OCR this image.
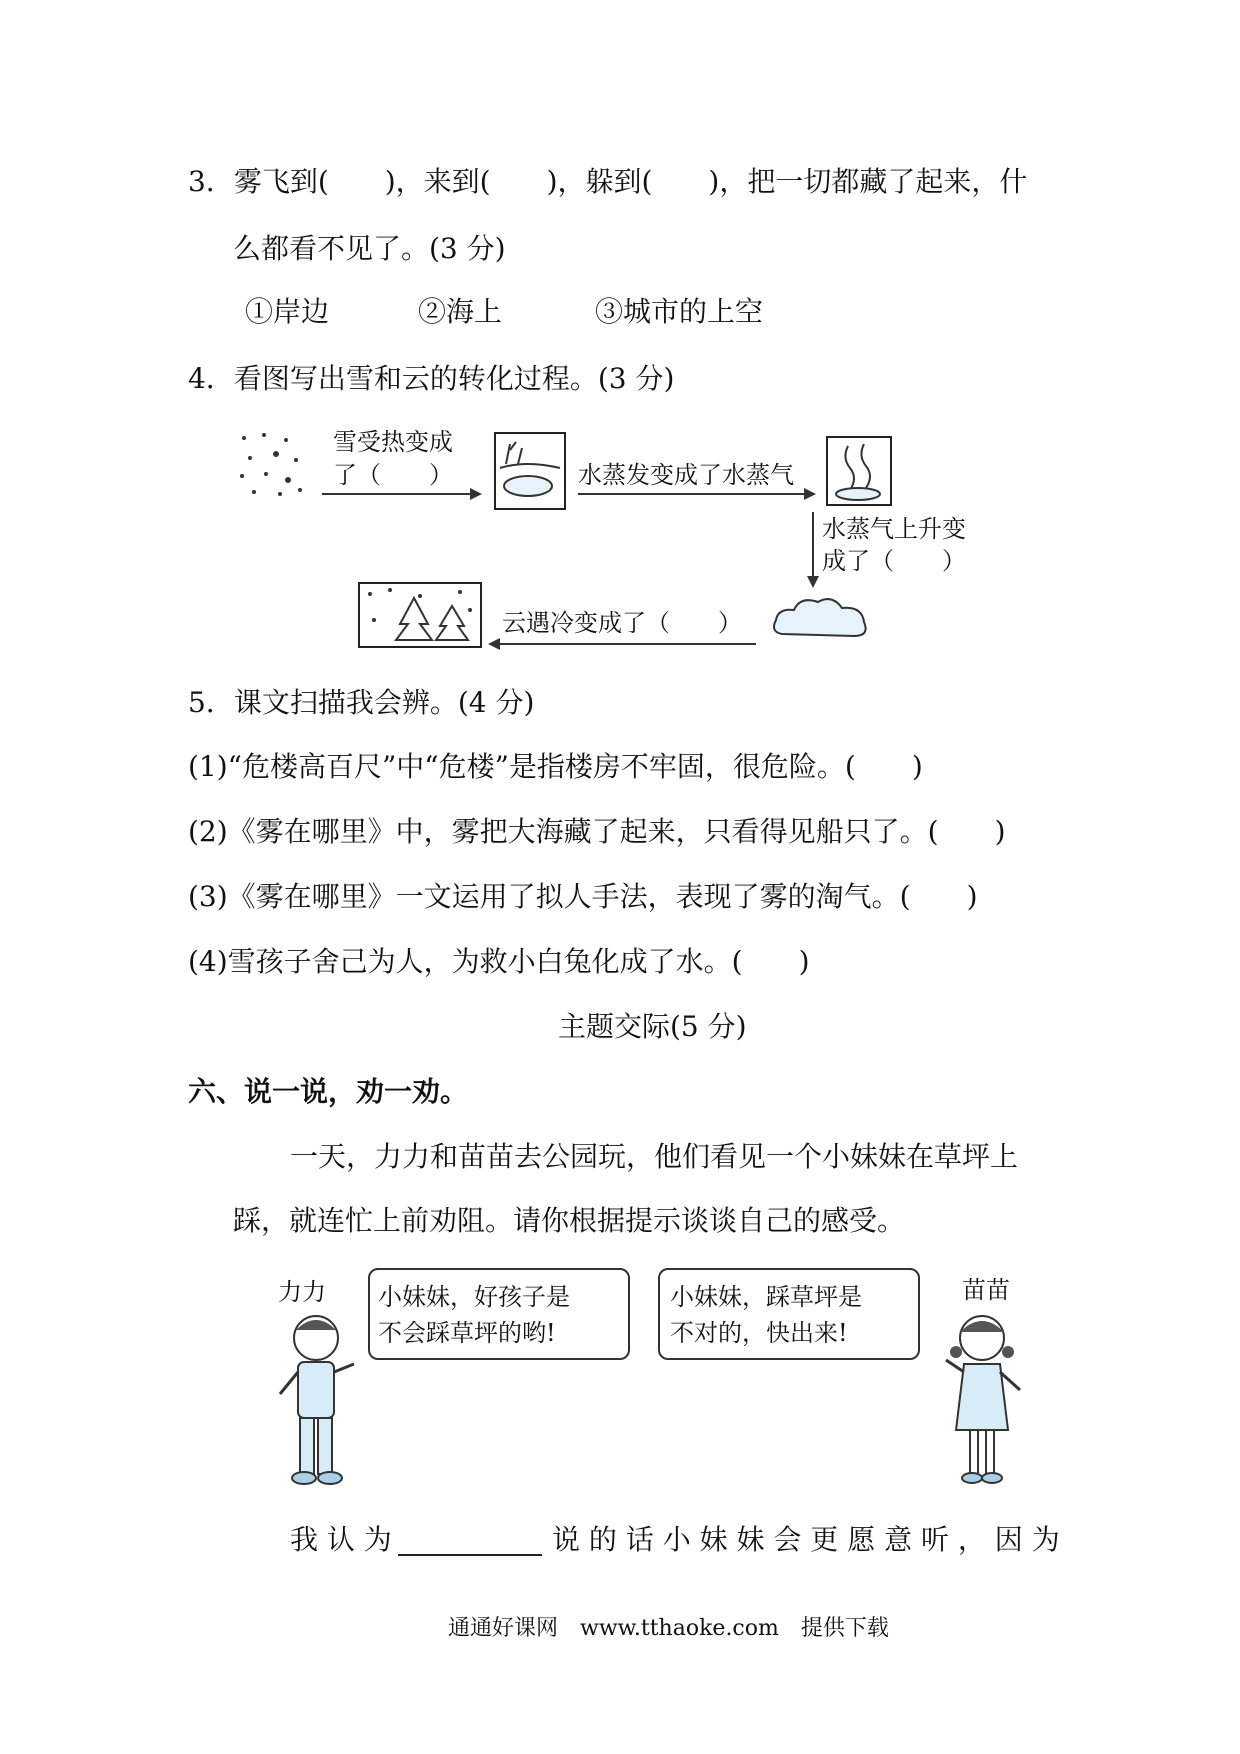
3．雾飞到(　　)，来到(　　)，躲到(　　)，把一切都藏了起来，什
么都看不见了。(3 分)
①岸边	②海上	③城市的上空
4．看图写出雪和云的转化过程。(3 分)
雪受热变成
了（　　）	水蒸发变成了水蒸气
水蒸气上升变
成了（　　）
云遇冷变成了（　　）
5．课文扫描我会辨。(4 分)
(1)“危楼高百尺”中“危楼”是指楼房不牢固，很危险。(　　)
(2)《雾在哪里》中，雾把大海藏了起来，只看得见船只了。(　　)
(3)《雾在哪里》一文运用了拟人手法，表现了雾的淘气。(　　)
(4)雪孩子舍己为人，为救小白兔化成了水。(　　)
主题交际(5 分)
六、说一说，劝一劝。
一天，力力和苗苗去公园玩，他们看见一个小妹妹在草坪上
踩，就连忙上前劝阻。请你根据提示谈谈自己的感受。
力力	苗苗
小妹妹，好孩子是
不会踩草坪的哟!
小妹妹，踩草坪是
不对的，快出来!
我 认 为	说 的 话 小 妹 妹 会 更 愿 意 听 ， 因 为
通通好课网　www.tthaoke.com　提供下载
